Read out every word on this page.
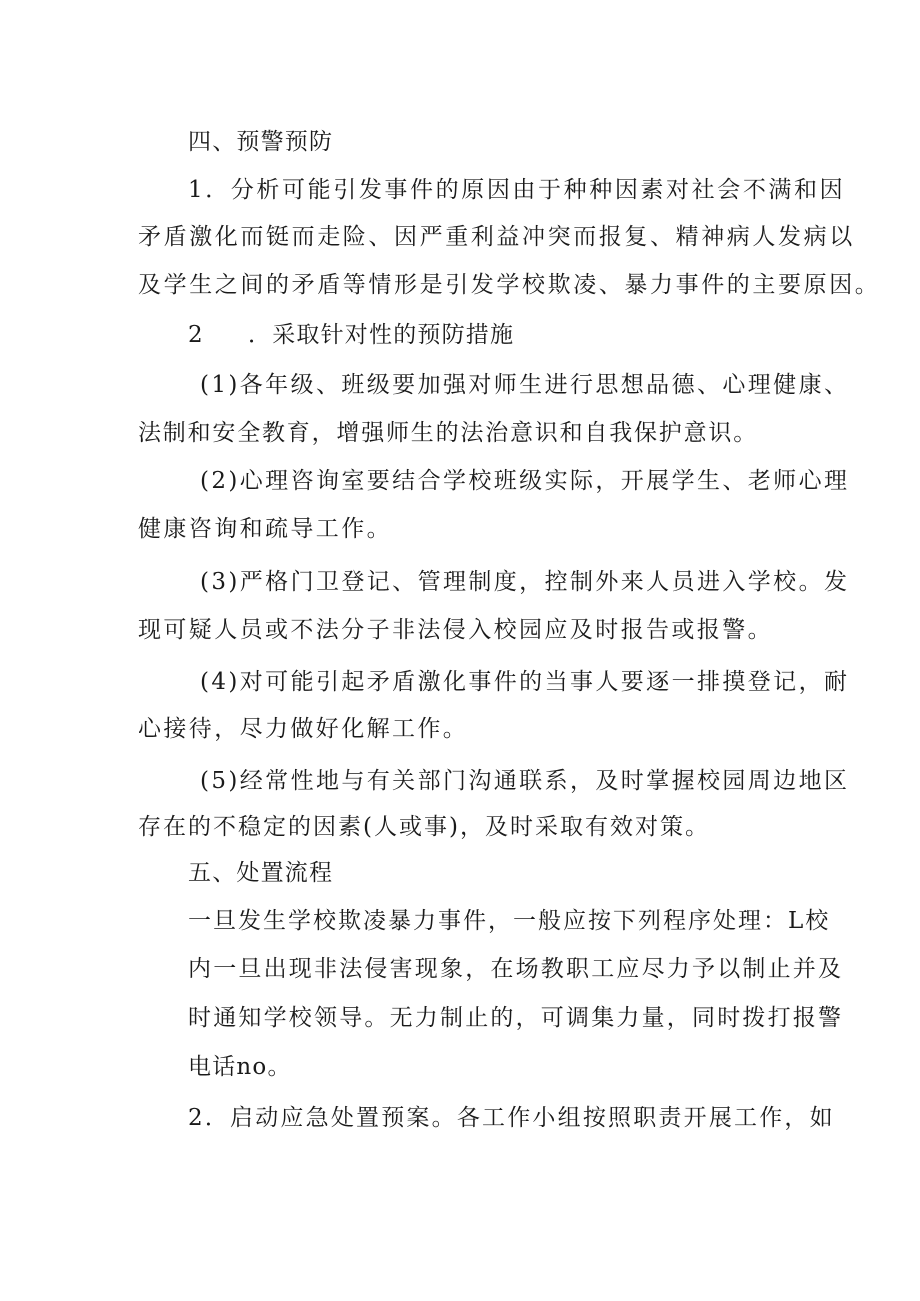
四、预警预防
1．分析可能引发事件的原因由于种种因素对社会不满和因
矛盾激化而铤而走险、因严重利益冲突而报复、精神病人发病以
及学生之间的矛盾等情形是引发学校欺凌、暴力事件的主要原因。
2 ．采取针对性的预防措施
(1)各年级、班级要加强对师生进行思想品德、心理健康、
法制和安全教育，增强师生的法治意识和自我保护意识。
(2)心理咨询室要结合学校班级实际，开展学生、老师心理
健康咨询和疏导工作。
(3)严格门卫登记、管理制度，控制外来人员进入学校。发
现可疑人员或不法分子非法侵入校园应及时报告或报警。
(4)对可能引起矛盾激化事件的当事人要逐一排摸登记，耐
心接待，尽力做好化解工作。
(5)经常性地与有关部门沟通联系，及时掌握校园周边地区
存在的不稳定的因素(人或事)，及时采取有效对策。
五、处置流程
一旦发生学校欺凌暴力事件，一般应按下列程序处理：L校
内一旦出现非法侵害现象，在场教职工应尽力予以制止并及
时通知学校领导。无力制止的，可调集力量，同时拨打报警
电话no。
2．启动应急处置预案。各工作小组按照职责开展工作，如
